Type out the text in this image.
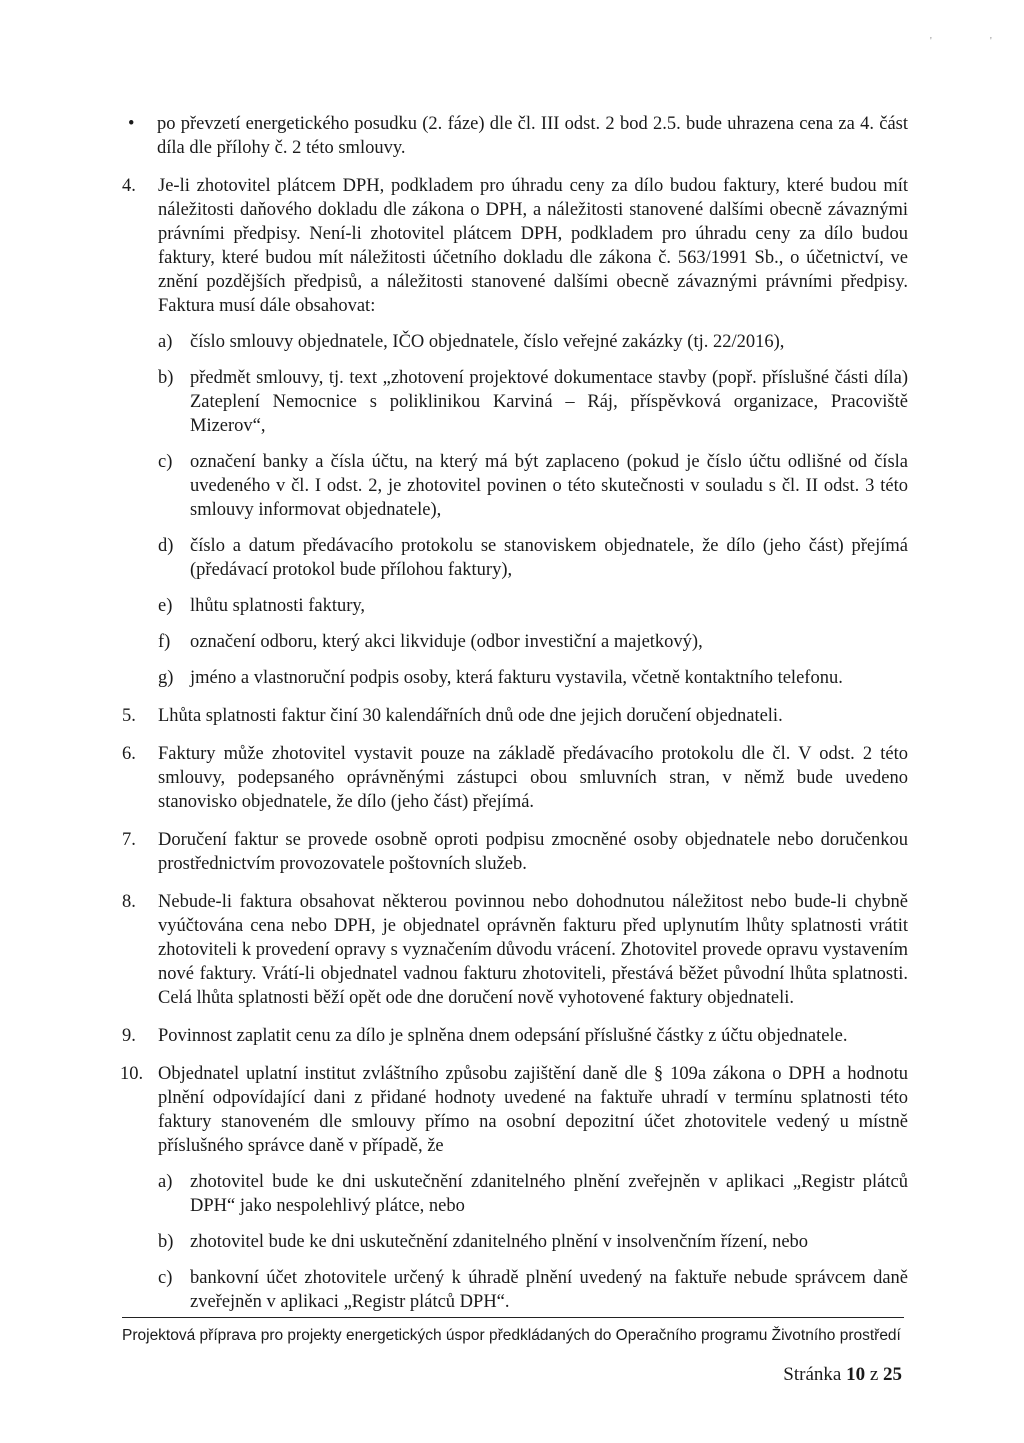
'	'
• po převzetí energetického posudku (2. fáze) dle čl. III odst. 2 bod 2.5. bude uhrazena cena za 4. část díla dle přílohy č. 2 této smlouvy.
4. Je-li zhotovitel plátcem DPH, podkladem pro úhradu ceny za dílo budou faktury, které budou mít náležitosti daňového dokladu dle zákona o DPH, a náležitosti stanovené dalšími obecně závaznými právními předpisy. Není-li zhotovitel plátcem DPH, podkladem pro úhradu ceny za dílo budou faktury, které budou mít náležitosti účetního dokladu dle zákona č. 563/1991 Sb., o účetnictví, ve znění pozdějších předpisů, a náležitosti stanovené dalšími obecně závaznými právními předpisy. Faktura musí dále obsahovat:

a) číslo smlouvy objednatele, IČO objednatele, číslo veřejné zakázky (tj. 22/2016),
b) předmět smlouvy, tj. text „zhotovení projektové dokumentace stavby (popř. příslušné části díla) Zateplení Nemocnice s poliklinikou Karviná – Ráj, příspěvková organizace, Pracoviště Mizerov“,
c) označení banky a čísla účtu, na který má být zaplaceno (pokud je číslo účtu odlišné od čísla uvedeného v čl. I odst. 2, je zhotovitel povinen o této skutečnosti v souladu s čl. II odst. 3 této smlouvy informovat objednatele),
d) číslo a datum předávacího protokolu se stanoviskem objednatele, že dílo (jeho část) přejímá (předávací protokol bude přílohou faktury),
e) lhůtu splatnosti faktury,
f) označení odboru, který akci likviduje (odbor investiční a majetkový),
g) jméno a vlastnoruční podpis osoby, která fakturu vystavila, včetně kontaktního telefonu.
5. Lhůta splatnosti faktur činí 30 kalendářních dnů ode dne jejich doručení objednateli.

6. Faktury může zhotovitel vystavit pouze na základě předávacího protokolu dle čl. V odst. 2 této smlouvy, podepsaného oprávněnými zástupci obou smluvních stran, v němž bude uvedeno stanovisko objednatele, že dílo (jeho část) přejímá.

7. Doručení faktur se provede osobně oproti podpisu zmocněné osoby objednatele nebo doručenkou prostřednictvím provozovatele poštovních služeb.

8. Nebude-li faktura obsahovat některou povinnou nebo dohodnutou náležitost nebo bude-li chybně vyúčtována cena nebo DPH, je objednatel oprávněn fakturu před uplynutím lhůty splatnosti vrátit zhotoviteli k provedení opravy s vyznačením důvodu vrácení. Zhotovitel provede opravu vystavením nové faktury. Vrátí-li objednatel vadnou fakturu zhotoviteli, přestává běžet původní lhůta splatnosti. Celá lhůta splatnosti běží opět ode dne doručení nově vyhotovené faktury objednateli.

9. Povinnost zaplatit cenu za dílo je splněna dnem odepsání příslušné částky z účtu objednatele.

10. Objednatel uplatní institut zvláštního způsobu zajištění daně dle § 109a zákona o DPH a hodnotu plnění odpovídající dani z přidané hodnoty uvedené na faktuře uhradí v termínu splatnosti této faktury stanoveném dle smlouvy přímo na osobní depozitní účet zhotovitele vedený u místně příslušného správce daně v případě, že

a) zhotovitel bude ke dni uskutečnění zdanitelného plnění zveřejněn v aplikaci „Registr plátců DPH“ jako nespolehlivý plátce, nebo
b) zhotovitel bude ke dni uskutečnění zdanitelného plnění v insolvenčním řízení, nebo
c) bankovní účet zhotovitele určený k úhradě plnění uvedený na faktuře nebude správcem daně zveřejněn v aplikaci „Registr plátců DPH“.
Projektová příprava pro projekty energetických úspor předkládaných do Operačního programu Životního prostředí
Stránka 10 z 25
